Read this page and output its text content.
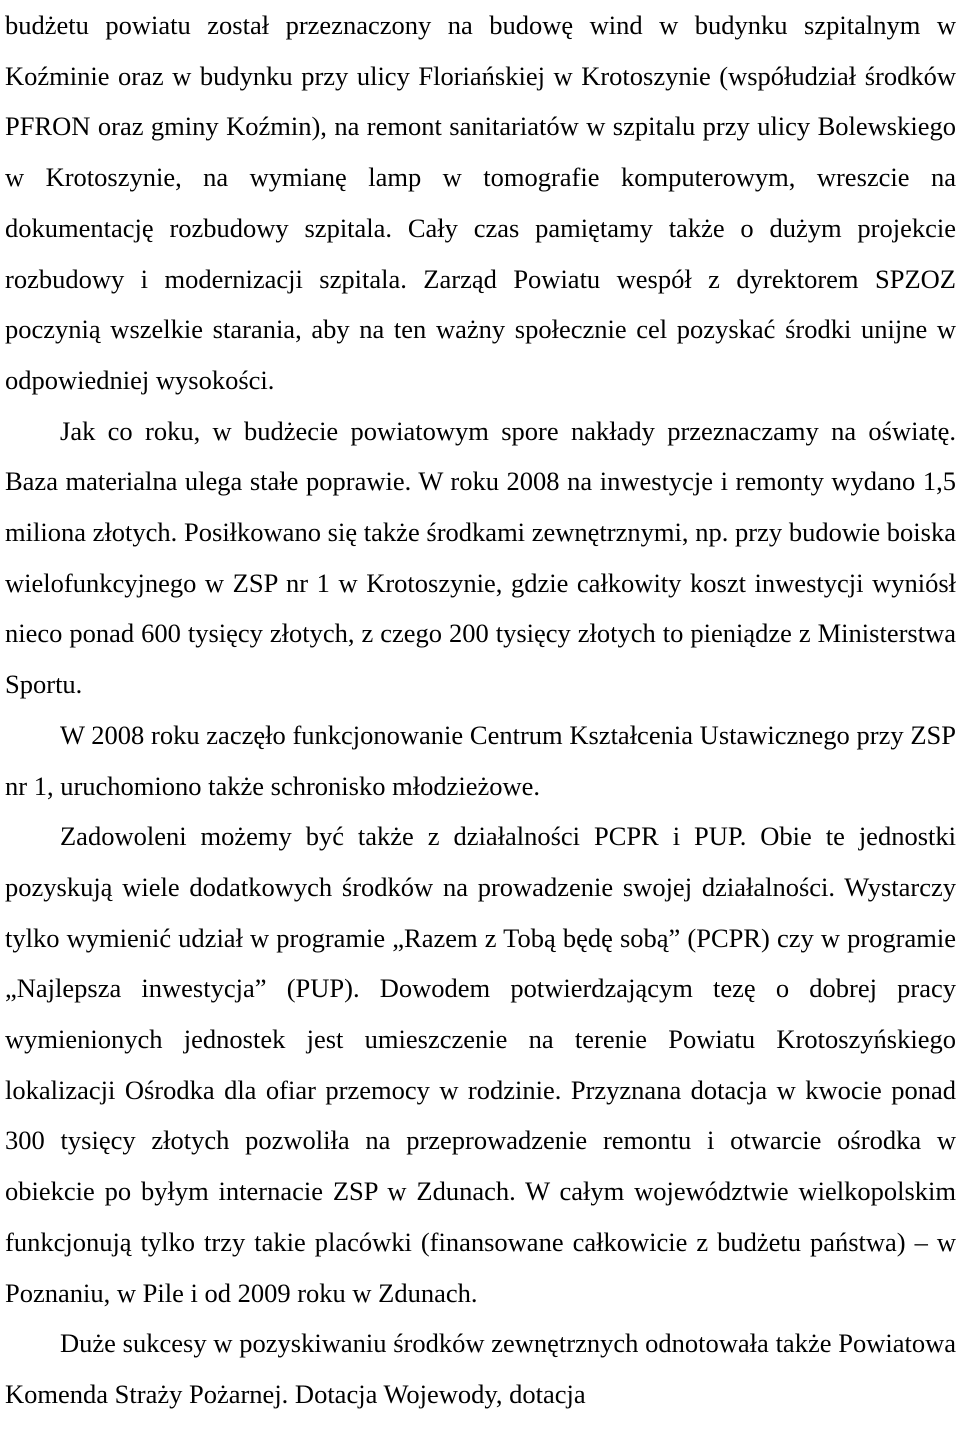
budżetu powiatu został przeznaczony na budowę wind w budynku szpitalnym w Koźminie oraz w budynku przy ulicy Floriańskiej w Krotoszynie (współudział środków PFRON oraz gminy Koźmin), na remont sanitariatów w szpitalu przy ulicy Bolewskiego w Krotoszynie, na wymianę lamp w tomografie komputerowym, wreszcie na dokumentację rozbudowy szpitala. Cały czas pamiętamy także o dużym projekcie rozbudowy i modernizacji szpitala. Zarząd Powiatu wespół z dyrektorem SPZOZ poczynią wszelkie starania, aby na ten ważny społecznie cel pozyskać środki unijne w odpowiedniej wysokości.

Jak co roku, w budżecie powiatowym spore nakłady przeznaczamy na oświatę. Baza materialna ulega stałe poprawie. W roku 2008 na inwestycje i remonty wydano 1,5 miliona złotych. Posiłkowano się także środkami zewnętrznymi, np. przy budowie boiska wielofunkcyjnego w ZSP nr 1 w Krotoszynie, gdzie całkowity koszt inwestycji wyniósł nieco ponad 600 tysięcy złotych, z czego 200 tysięcy złotych to pieniądze z Ministerstwa Sportu.

W 2008 roku zaczęło funkcjonowanie Centrum Kształcenia Ustawicznego przy ZSP nr 1, uruchomiono także schronisko młodzieżowe.

Zadowoleni możemy być także z działalności PCPR i PUP. Obie te jednostki pozyskują wiele dodatkowych środków na prowadzenie swojej działalności. Wystarczy tylko wymienić udział w programie „Razem z Tobą będę sobą” (PCPR) czy w programie „Najlepsza inwestycja” (PUP). Dowodem potwierdzającym tezę o dobrej pracy wymienionych jednostek jest umieszczenie na terenie Powiatu Krotoszyńskiego lokalizacji Ośrodka dla ofiar przemocy w rodzinie. Przyznana dotacja w kwocie ponad 300 tysięcy złotych pozwoliła na przeprowadzenie remontu i otwarcie ośrodka w obiekcie po byłym internacie ZSP w Zdunach. W całym województwie wielkopolskim funkcjonują tylko trzy takie placówki (finansowane całkowicie z budżetu państwa) – w Poznaniu, w Pile i od 2009 roku w Zdunach.

Duże sukcesy w pozyskiwaniu środków zewnętrznych odnotowała także Powiatowa Komenda Straży Pożarnej. Dotacja Wojewody, dotacja
